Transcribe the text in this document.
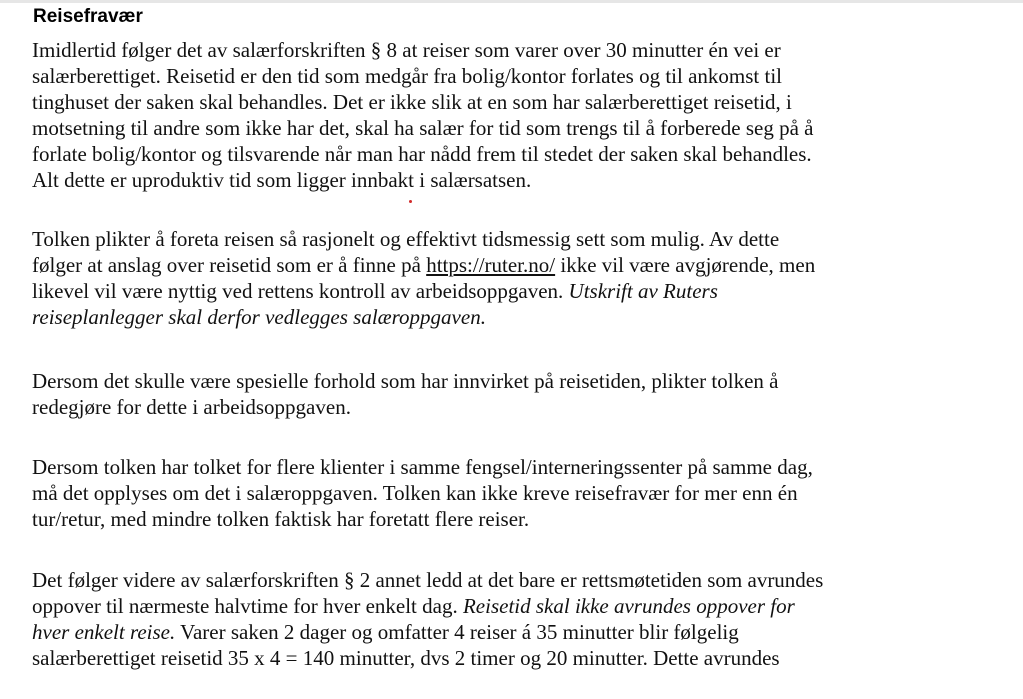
Reisefravær
Imidlertid følger det av salærforskriften § 8 at reiser som varer over 30 minutter én vei er
salærberettiget. Reisetid er den tid som medgår fra bolig/kontor forlates og til ankomst til
tinghuset der saken skal behandles. Det er ikke slik at en som har salærberettiget reisetid, i
motsetning til andre som ikke har det, skal ha salær for tid som trengs til å forberede seg på å
forlate bolig/kontor og tilsvarende når man har nådd frem til stedet der saken skal behandles.
Alt dette er uproduktiv tid som ligger innbakt i salærsatsen.
Tolken plikter å foreta reisen så rasjonelt og effektivt tidsmessig sett som mulig. Av dette
følger at anslag over reisetid som er å finne på https://ruter.no/ ikke vil være avgjørende, men
likevel vil være nyttig ved rettens kontroll av arbeidsoppgaven. Utskrift av Ruters
reiseplanlegger skal derfor vedlegges salæroppgaven.
Dersom det skulle være spesielle forhold som har innvirket på reisetiden, plikter tolken å
redegjøre for dette i arbeidsoppgaven.
Dersom tolken har tolket for flere klienter i samme fengsel/interneringssenter på samme dag,
må det opplyses om det i salæroppgaven. Tolken kan ikke kreve reisefravær for mer enn én
tur/retur, med mindre tolken faktisk har foretatt flere reiser.
Det følger videre av salærforskriften § 2 annet ledd at det bare er rettsmøtetiden som avrundes
oppover til nærmeste halvtime for hver enkelt dag. Reisetid skal ikke avrundes oppover for
hver enkelt reise. Varer saken 2 dager og omfatter 4 reiser á 35 minutter blir følgelig
salærberettiget reisetid 35 x 4 = 140 minutter, dvs 2 timer og 20 minutter. Dette avrundes
